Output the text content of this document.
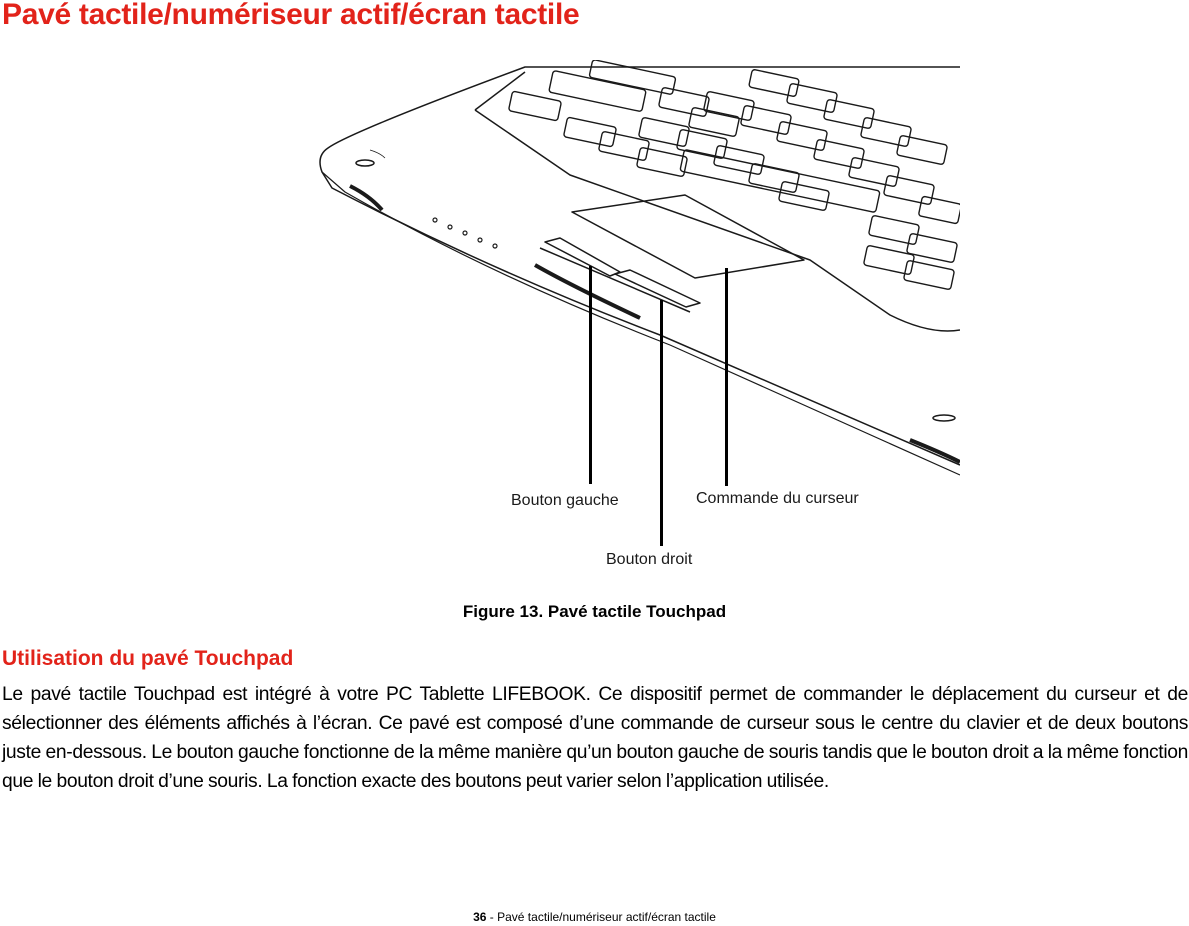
Pavé tactile/numériseur actif/écran tactile
Bouton gauche	Commande du curseur
Bouton droit
Figure 13. Pavé tactile Touchpad
Utilisation du pavé Touchpad

Le pavé tactile Touchpad est intégré à votre PC Tablette LIFEBOOK. Ce dispositif permet de commander le déplacement du curseur et de sélectionner des éléments affichés à l’écran. Ce pavé est composé d’une commande de curseur sous le centre du clavier et de deux boutons juste en-dessous. Le bouton gauche fonctionne de la même manière qu’un bouton gauche de souris tandis que le bouton droit a la même fonction que le bouton droit d’une souris. La fonction exacte des boutons peut varier selon l’application utilisée.

36 - Pavé tactile/numériseur actif/écran tactile
